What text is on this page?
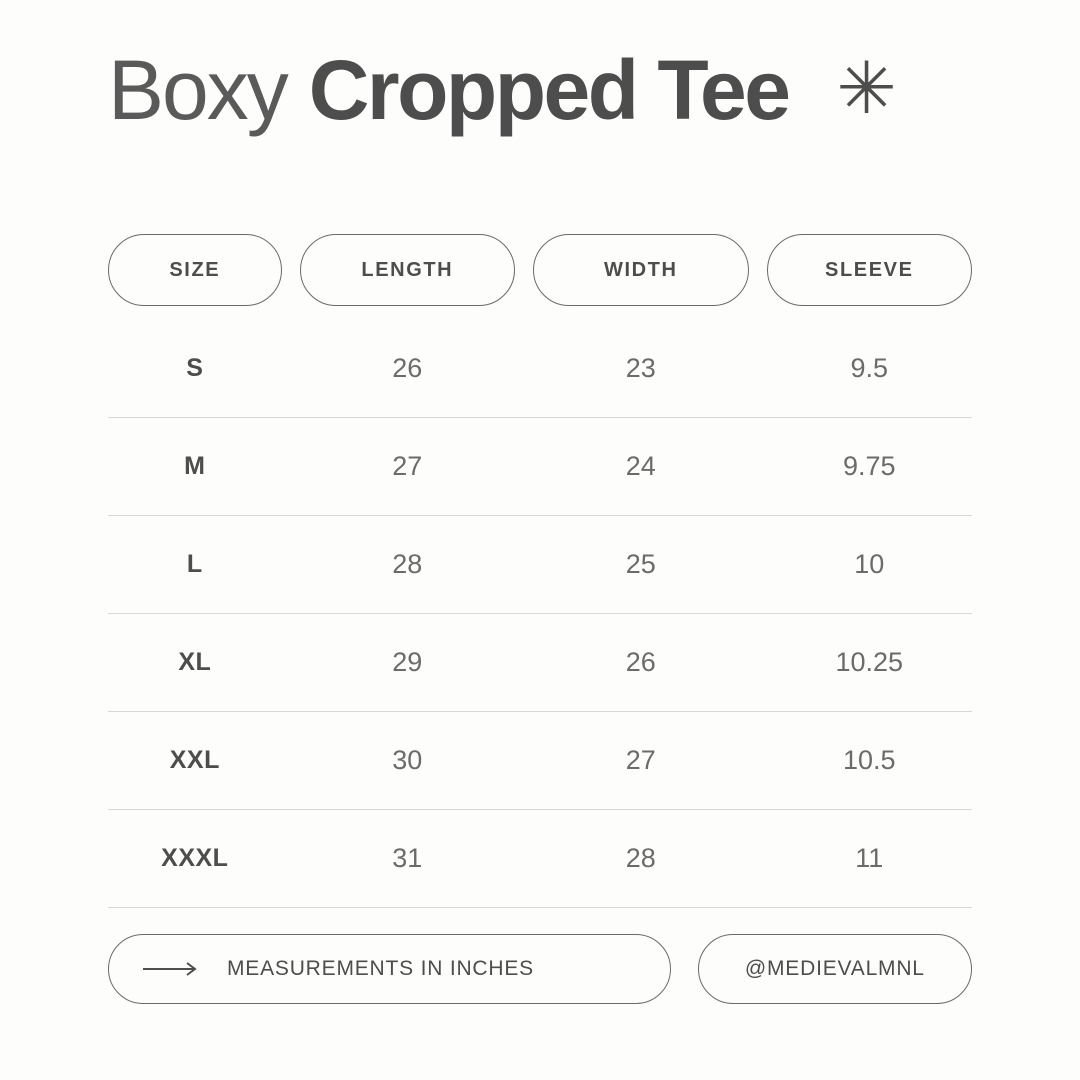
Boxy Cropped Tee ✳
SIZE	LENGTH	WIDTH	SLEEVE
S	26	23	9.5
M	27	24	9.75
L	28	25	10
XL	29	26	10.25
XXL	30	27	10.5
XXXL	31	28	11
MEASUREMENTS IN INCHES	@MEDIEVALMNL
